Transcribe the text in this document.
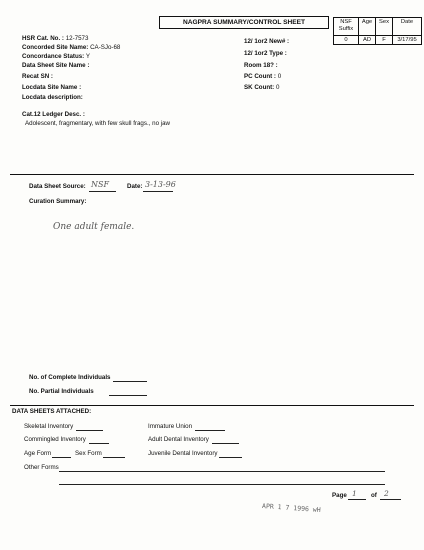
NAGPRA SUMMARY/CONTROL SHEET	NSF Suffix	Age	Sex	Date
0	AD	F	3/17/95
HSR Cat. No. : 12-7573
Concorded Site Name: CA-SJo-68
Concordance Status: Y
Data Sheet Site Name :
Recat SN :
Locdata Site Name :
Locdata description:
12/ 1or2 New# :
12/ 1or2 Type :
Room 18? :
PC Count : 0
SK Count: 0
Cat.12 Ledger Desc. :
Adolescent, fragmentary, with few skull frags., no jaw
Data Sheet Source: NSF	Date: 3-13-96
Curation Summary:
One adult female.
No. of Complete Individuals
No. Partial Individuals
DATA SHEETS ATTACHED:
Skeletal Inventory
Commingled Inventory
Age Form	Sex Form
Other Forms
Immature Union
Adult Dental Inventory
Juvenile Dental Inventory
Page 1 of 2
APR 1 7 1996 wH
